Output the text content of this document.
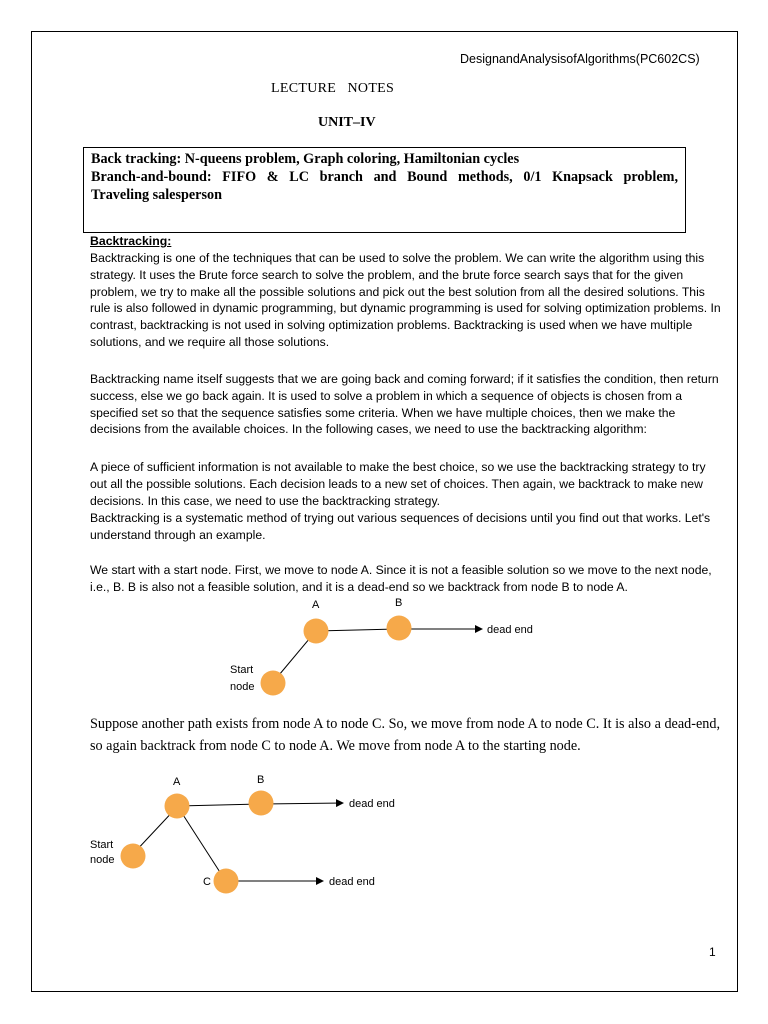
DesignandAnalysisofAlgorithms(PC602CS)
LECTURE   NOTES
UNIT–IV
Back tracking: N-queens problem, Graph coloring, Hamiltonian cycles
Branch-and-bound: FIFO & LC branch and Bound methods, 0/1 Knapsack problem,
Traveling salesperson
Backtracking:
Backtracking is one of the techniques that can be used to solve the problem. We can write the algorithm using this strategy. It uses the Brute force search to solve the problem, and the brute force search says that for the given problem, we try to make all the possible solutions and pick out the best solution from all the desired solutions. This rule is also followed in dynamic programming, but dynamic programming is used for solving optimization problems. In contrast, backtracking is not used in solving optimization problems. Backtracking is used when we have multiple solutions, and we require all those solutions.
Backtracking name itself suggests that we are going back and coming forward; if it satisfies the condition, then return success, else we go back again. It is used to solve a problem in which a sequence of objects is chosen from a specified set so that the sequence satisfies some criteria. When we have multiple choices, then we make the decisions from the available choices. In the following cases, we need to use the backtracking algorithm:
A piece of sufficient information is not available to make the best choice, so we use the backtracking strategy to try out all the possible solutions. Each decision leads to a new set of choices. Then again, we backtrack to make new decisions. In this case, we need to use the backtracking strategy.
Backtracking is a systematic method of trying out various sequences of decisions until you find out that works. Let's understand through an example.
We start with a start node. First, we move to node A. Since it is not a feasible solution so we move to the next node, i.e., B. B is also not a feasible solution, and it is a dead-end so we backtrack from node B to node A.
A	B
Start
node
dead end
Suppose another path exists from node A to node C. So, we move from node A to node C. It is also a dead-end, so again backtrack from node C to node A. We move from node A to the starting node.
A	B
C
Start
node
dead end
dead end
1
